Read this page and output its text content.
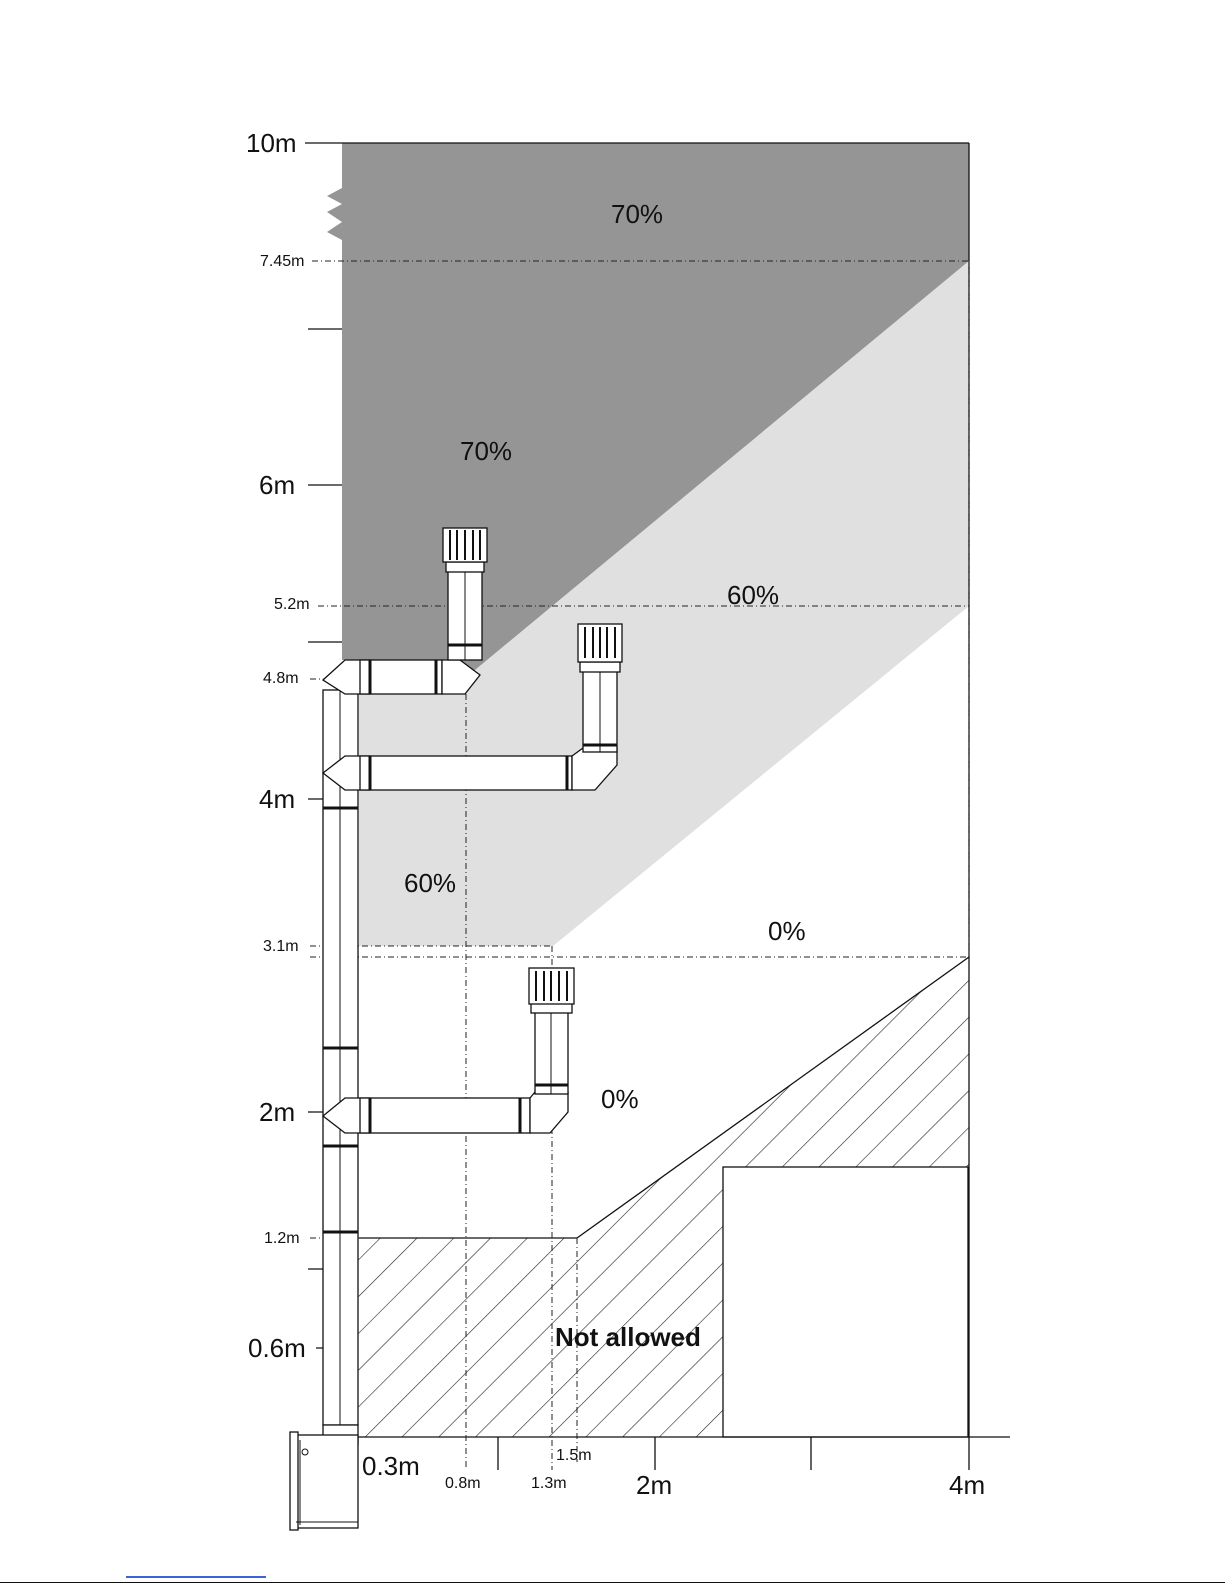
10m
7.45m
6m
5.2m
4.8m
4m
3.1m
2m
1.2m
0.6m
0.3m
0.8m	1.3m
1.5m
2m	4m
70%
70%
60%
60%
0%
0%
Not allowed
